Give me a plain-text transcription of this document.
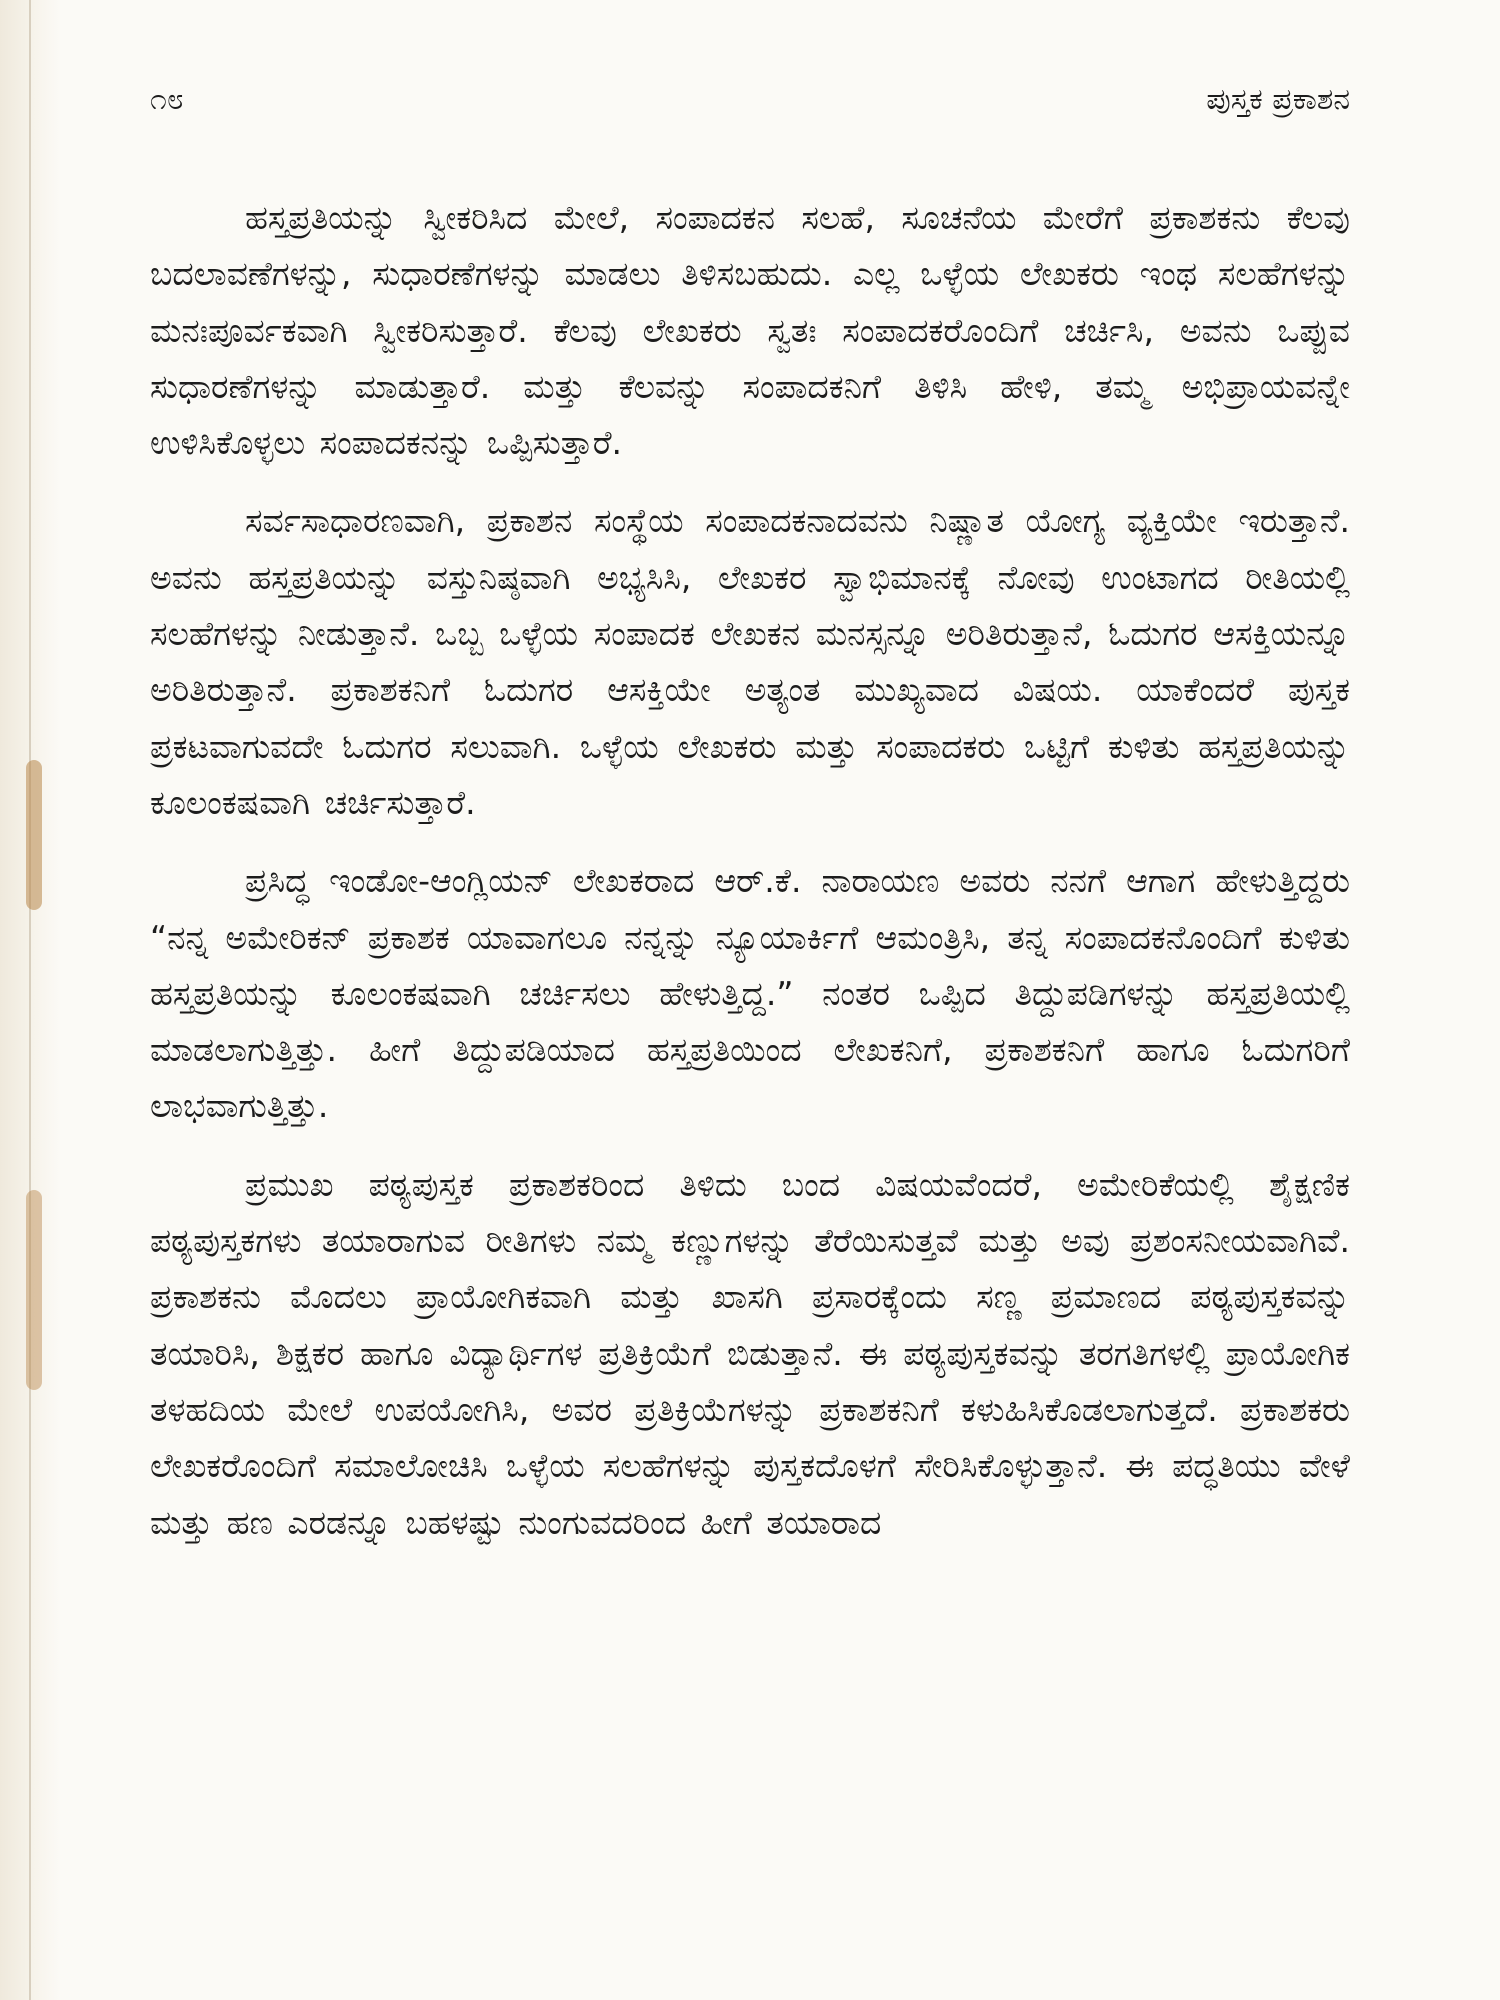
೧೮	ಪುಸ್ತಕ ಪ್ರಕಾಶನ

ಹಸ್ತಪ್ರತಿಯನ್ನು ಸ್ವೀಕರಿಸಿದ ಮೇಲೆ, ಸಂಪಾದಕನ ಸಲಹೆ, ಸೂಚನೆಯ ಮೇರೆಗೆ ಪ್ರಕಾಶಕನು ಕೆಲವು ಬದಲಾವಣೆಗಳನ್ನು, ಸುಧಾರಣೆಗಳನ್ನು ಮಾಡಲು ತಿಳಿಸಬಹುದು. ಎಲ್ಲ ಒಳ್ಳೆಯ ಲೇಖಕರು ಇಂಥ ಸಲಹೆಗಳನ್ನು ಮನಃಪೂರ್ವಕವಾಗಿ ಸ್ವೀಕರಿಸುತ್ತಾರೆ. ಕೆಲವು ಲೇಖಕರು ಸ್ವತಃ ಸಂಪಾದಕರೊಂದಿಗೆ ಚರ್ಚಿಸಿ, ಅವನು ಒಪ್ಪುವ ಸುಧಾರಣೆಗಳನ್ನು ಮಾಡುತ್ತಾರೆ. ಮತ್ತು ಕೆಲವನ್ನು ಸಂಪಾದಕನಿಗೆ ತಿಳಿಸಿ ಹೇಳಿ, ತಮ್ಮ ಅಭಿಪ್ರಾಯವನ್ನೇ ಉಳಿಸಿಕೊಳ್ಳಲು ಸಂಪಾದಕನನ್ನು ಒಪ್ಪಿಸುತ್ತಾರೆ.

ಸರ್ವಸಾಧಾರಣವಾಗಿ, ಪ್ರಕಾಶನ ಸಂಸ್ಥೆಯ ಸಂಪಾದಕನಾದವನು ನಿಷ್ಣಾತ ಯೋಗ್ಯ ವ್ಯಕ್ತಿಯೇ ಇರುತ್ತಾನೆ. ಅವನು ಹಸ್ತಪ್ರತಿಯನ್ನು ವಸ್ತುನಿಷ್ಠವಾಗಿ ಅಭ್ಯಸಿಸಿ, ಲೇಖಕರ ಸ್ವಾಭಿಮಾನಕ್ಕೆ ನೋವು ಉಂಟಾಗದ ರೀತಿಯಲ್ಲಿ ಸಲಹೆಗಳನ್ನು ನೀಡುತ್ತಾನೆ. ಒಬ್ಬ ಒಳ್ಳೆಯ ಸಂಪಾದಕ ಲೇಖಕನ ಮನಸ್ಸನ್ನೂ ಅರಿತಿರುತ್ತಾನೆ, ಓದುಗರ ಆಸಕ್ತಿಯನ್ನೂ ಅರಿತಿರುತ್ತಾನೆ. ಪ್ರಕಾಶಕನಿಗೆ ಓದುಗರ ಆಸಕ್ತಿಯೇ ಅತ್ಯಂತ ಮುಖ್ಯವಾದ ವಿಷಯ. ಯಾಕೆಂದರೆ ಪುಸ್ತಕ ಪ್ರಕಟವಾಗುವದೇ ಓದುಗರ ಸಲುವಾಗಿ. ಒಳ್ಳೆಯ ಲೇಖಕರು ಮತ್ತು ಸಂಪಾದಕರು ಒಟ್ಟಿಗೆ ಕುಳಿತು ಹಸ್ತಪ್ರತಿಯನ್ನು ಕೂಲಂಕಷವಾಗಿ ಚರ್ಚಿಸುತ್ತಾರೆ.

ಪ್ರಸಿದ್ಧ ಇಂಡೋ-ಆಂಗ್ಲಿಯನ್ ಲೇಖಕರಾದ ಆರ್.ಕೆ. ನಾರಾಯಣ ಅವರು ನನಗೆ ಆಗಾಗ ಹೇಳುತ್ತಿದ್ದರು “ನನ್ನ ಅಮೇರಿಕನ್ ಪ್ರಕಾಶಕ ಯಾವಾಗಲೂ ನನ್ನನ್ನು ನ್ಯೂಯಾರ್ಕಿಗೆ ಆಮಂತ್ರಿಸಿ, ತನ್ನ ಸಂಪಾದಕನೊಂದಿಗೆ ಕುಳಿತು ಹಸ್ತಪ್ರತಿಯನ್ನು ಕೂಲಂಕಷವಾಗಿ ಚರ್ಚಿಸಲು ಹೇಳುತ್ತಿದ್ದ.” ನಂತರ ಒಪ್ಪಿದ ತಿದ್ದುಪಡಿಗಳನ್ನು ಹಸ್ತಪ್ರತಿಯಲ್ಲಿ ಮಾಡಲಾಗುತ್ತಿತ್ತು. ಹೀಗೆ ತಿದ್ದುಪಡಿಯಾದ ಹಸ್ತಪ್ರತಿಯಿಂದ ಲೇಖಕನಿಗೆ, ಪ್ರಕಾಶಕನಿಗೆ ಹಾಗೂ ಓದುಗರಿಗೆ ಲಾಭವಾಗುತ್ತಿತ್ತು.

ಪ್ರಮುಖ ಪಠ್ಯಪುಸ್ತಕ ಪ್ರಕಾಶಕರಿಂದ ತಿಳಿದು ಬಂದ ವಿಷಯವೆಂದರೆ, ಅಮೇರಿಕೆಯಲ್ಲಿ ಶೈಕ್ಷಣಿಕ ಪಠ್ಯಪುಸ್ತಕಗಳು ತಯಾರಾಗುವ ರೀತಿಗಳು ನಮ್ಮ ಕಣ್ಣುಗಳನ್ನು ತೆರೆಯಿಸುತ್ತವೆ ಮತ್ತು ಅವು ಪ್ರಶಂಸನೀಯವಾಗಿವೆ. ಪ್ರಕಾಶಕನು ಮೊದಲು ಪ್ರಾಯೋಗಿಕವಾಗಿ ಮತ್ತು ಖಾಸಗಿ ಪ್ರಸಾರಕ್ಕೆಂದು ಸಣ್ಣ ಪ್ರಮಾಣದ ಪಠ್ಯಪುಸ್ತಕವನ್ನು ತಯಾರಿಸಿ, ಶಿಕ್ಷಕರ ಹಾಗೂ ವಿದ್ಯಾರ್ಥಿಗಳ ಪ್ರತಿಕ್ರಿಯೆಗೆ ಬಿಡುತ್ತಾನೆ. ಈ ಪಠ್ಯಪುಸ್ತಕವನ್ನು ತರಗತಿಗಳಲ್ಲಿ ಪ್ರಾಯೋಗಿಕ ತಳಹದಿಯ ಮೇಲೆ ಉಪಯೋಗಿಸಿ, ಅವರ ಪ್ರತಿಕ್ರಿಯೆಗಳನ್ನು ಪ್ರಕಾಶಕನಿಗೆ ಕಳುಹಿಸಿಕೊಡಲಾಗುತ್ತದೆ. ಪ್ರಕಾಶಕರು ಲೇಖಕರೊಂದಿಗೆ ಸಮಾಲೋಚಿಸಿ ಒಳ್ಳೆಯ ಸಲಹೆಗಳನ್ನು ಪುಸ್ತಕದೊಳಗೆ ಸೇರಿಸಿಕೊಳ್ಳುತ್ತಾನೆ. ಈ ಪದ್ಧತಿಯು ವೇಳೆ ಮತ್ತು ಹಣ ಎರಡನ್ನೂ ಬಹಳಷ್ಟು ನುಂಗುವದರಿಂದ ಹೀಗೆ ತಯಾರಾದ
